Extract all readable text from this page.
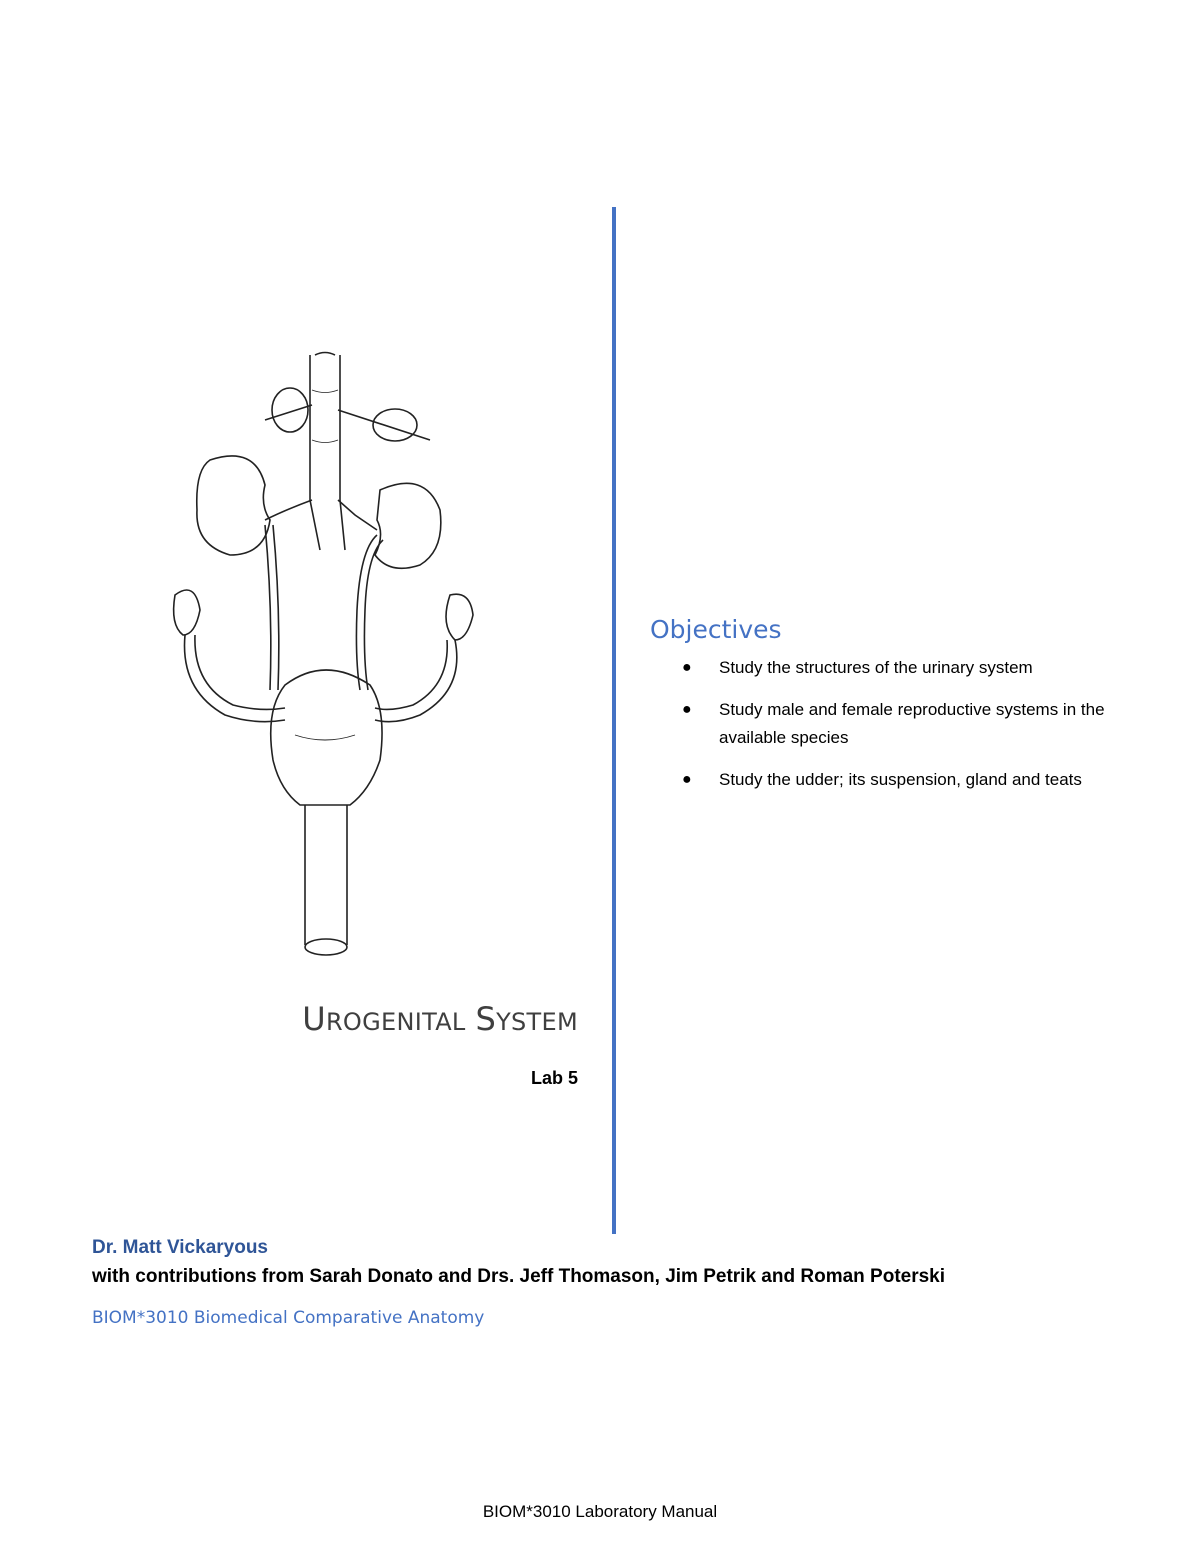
UROGENITAL SYSTEM
Lab 5
Objectives
● Study the structures of the urinary system
● Study male and female reproductive systems in the available species
● Study the udder; its suspension, gland and teats
Dr. Matt Vickaryous
with contributions from Sarah Donato and Drs. Jeff Thomason, Jim Petrik and Roman Poterski
BIOM*3010 Biomedical Comparative Anatomy
BIOM*3010 Laboratory Manual
